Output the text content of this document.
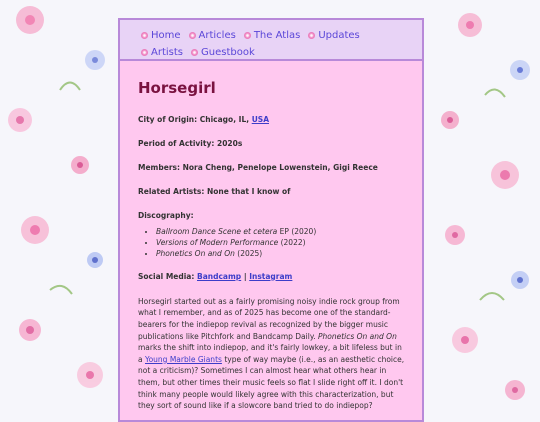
Home Articles The Atlas Updates
Artists Guestbook
Horsegirl

City of Origin: Chicago, IL, USA

Period of Activity: 2020s

Members: Nora Cheng, Penelope Lowenstein, Gigi Reece

Related Artists: None that I know of

Discography:

• Ballroom Dance Scene et cetera EP (2020)
• Versions of Modern Performance (2022)
• Phonetics On and On (2025)

Social Media: Bandcamp | Instagram

Horsegirl started out as a fairly promising noisy indie rock group from what I remember, and as of 2025 has become one of the standard-bearers for the indiepop revival as recognized by the bigger music publications like Pitchfork and Bandcamp Daily. Phonetics On and On marks the shift into indiepop, and it's fairly lowkey, a bit lifeless but in a Young Marble Giants type of way maybe (i.e., as an aesthetic choice, not a criticism)? Sometimes I can almost hear what others hear in them, but other times their music feels so flat I slide right off it. I don't think many people would likely agree with this characterization, but they sort of sound like if a slowcore band tried to do indiepop?
